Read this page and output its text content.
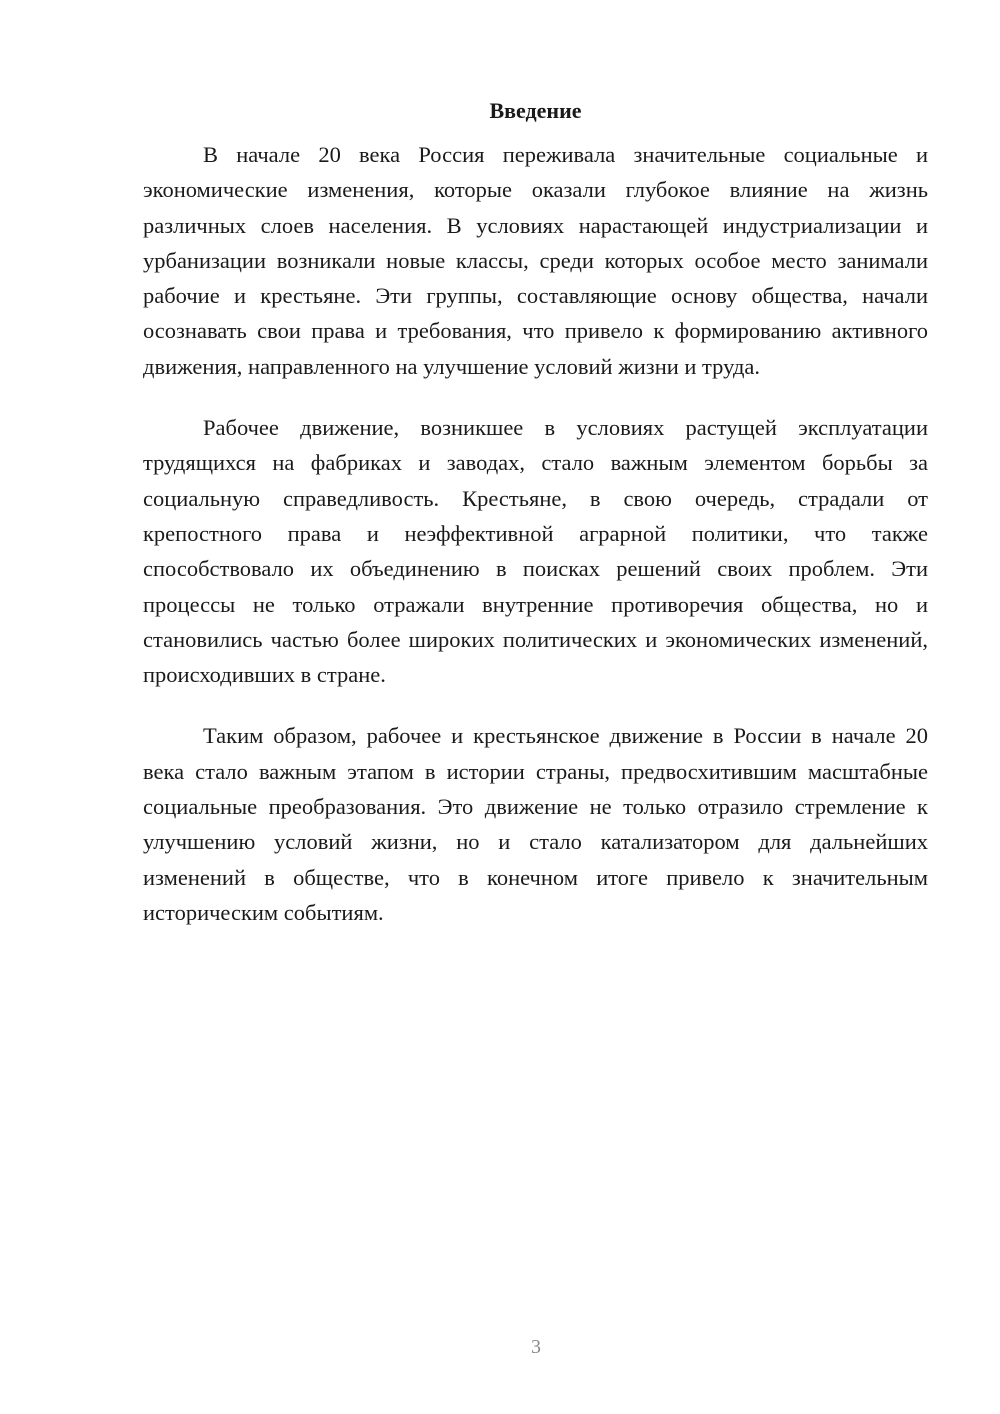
Введение

В начале 20 века Россия переживала значительные социальные и экономические изменения, которые оказали глубокое влияние на жизнь различных слоев населения. В условиях нарастающей индустриализации и урбанизации возникали новые классы, среди которых особое место занимали рабочие и крестьяне. Эти группы, составляющие основу общества, начали осознавать свои права и требования, что привело к формированию активного движения, направленного на улучшение условий жизни и труда.

Рабочее движение, возникшее в условиях растущей эксплуатации трудящихся на фабриках и заводах, стало важным элементом борьбы за социальную справедливость. Крестьяне, в свою очередь, страдали от крепостного права и неэффективной аграрной политики, что также способствовало их объединению в поисках решений своих проблем. Эти процессы не только отражали внутренние противоречия общества, но и становились частью более широких политических и экономических изменений, происходивших в стране.

Таким образом, рабочее и крестьянское движение в России в начале 20 века стало важным этапом в истории страны, предвосхитившим масштабные социальные преобразования. Это движение не только отразило стремление к улучшению условий жизни, но и стало катализатором для дальнейших изменений в обществе, что в конечном итоге привело к значительным историческим событиям.

3
